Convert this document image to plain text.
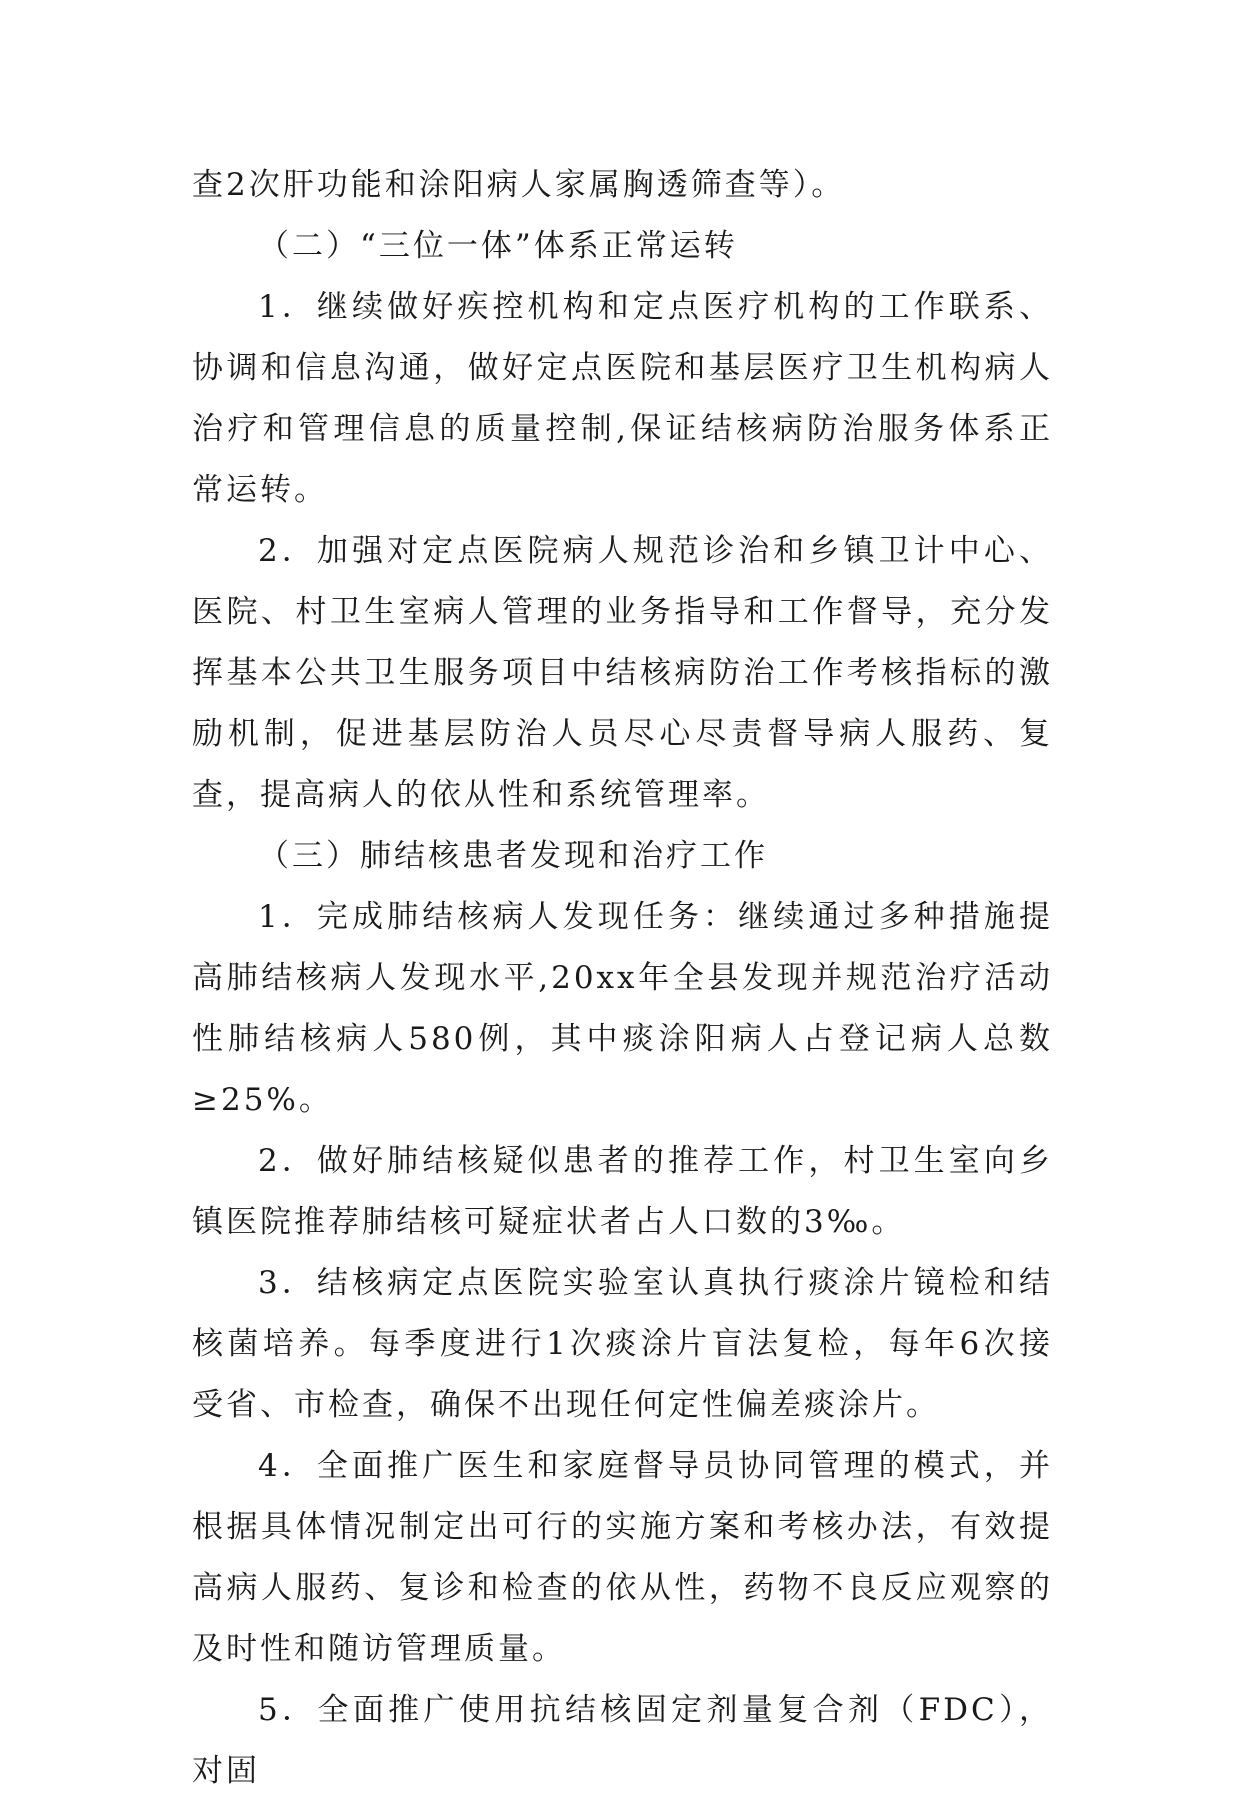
查2次肝功能和涂阳病人家属胸透筛查等）。

（二）“三位一体”体系正常运转

1．继续做好疾控机构和定点医疗机构的工作联系、协调和信息沟通，做好定点医院和基层医疗卫生机构病人治疗和管理信息的质量控制,保证结核病防治服务体系正常运转。

2．加强对定点医院病人规范诊治和乡镇卫计中心、医院、村卫生室病人管理的业务指导和工作督导，充分发挥基本公共卫生服务项目中结核病防治工作考核指标的激励机制，促进基层防治人员尽心尽责督导病人服药、复查，提高病人的依从性和系统管理率。

（三）肺结核患者发现和治疗工作

1．完成肺结核病人发现任务：继续通过多种措施提高肺结核病人发现水平,20xx年全县发现并规范治疗活动性肺结核病人580例，其中痰涂阳病人占登记病人总数≥25%。

2．做好肺结核疑似患者的推荐工作，村卫生室向乡镇医院推荐肺结核可疑症状者占人口数的3‰。

3．结核病定点医院实验室认真执行痰涂片镜检和结核菌培养。每季度进行1次痰涂片盲法复检，每年6次接受省、市检查，确保不出现任何定性偏差痰涂片。

4．全面推广医生和家庭督导员协同管理的模式，并根据具体情况制定出可行的实施方案和考核办法，有效提高病人服药、复诊和检查的依从性，药物不良反应观察的及时性和随访管理质量。

5．全面推广使用抗结核固定剂量复合剂（FDC），对固
